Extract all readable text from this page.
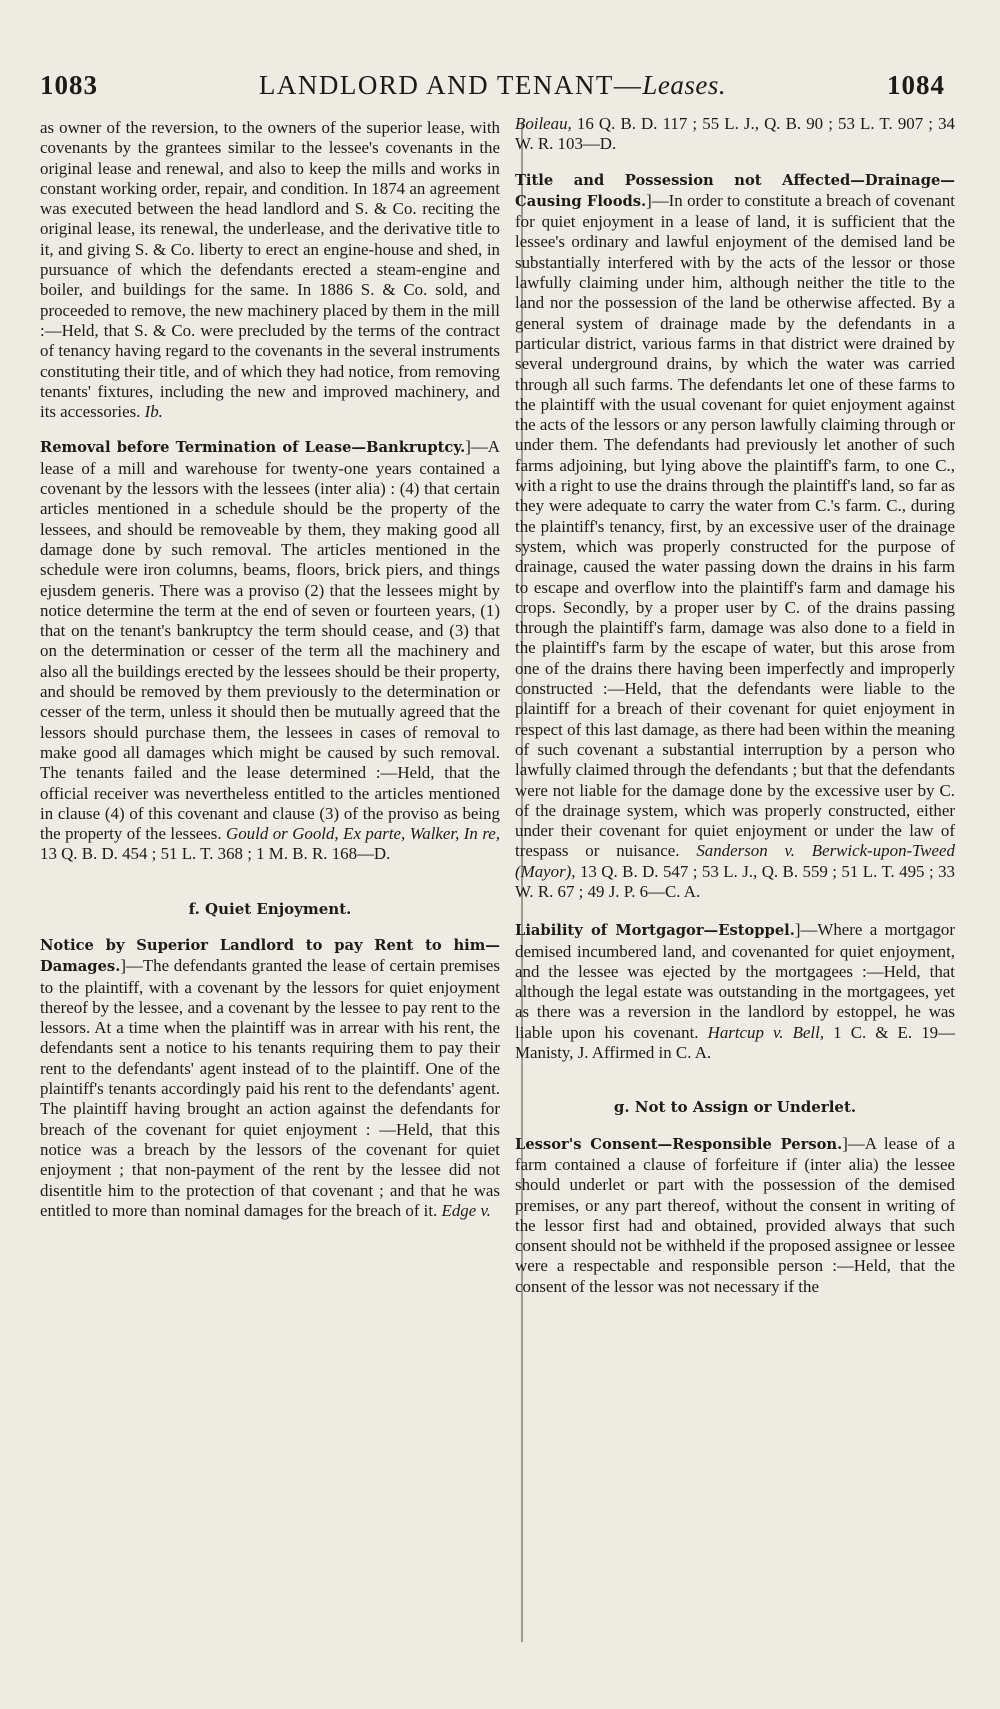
1083	LANDLORD AND TENANT—Leases.	1084

as owner of the reversion, to the owners of the superior lease, with covenants by the grantees similar to the lessee's covenants in the original lease and renewal, and also to keep the mills and works in constant working order, repair, and condition. In 1874 an agreement was executed between the head landlord and S. & Co. reciting the original lease, its renewal, the underlease, and the derivative title to it, and giving S. & Co. liberty to erect an engine-house and shed, in pursuance of which the defendants erected a steam-engine and boiler, and buildings for the same. In 1886 S. & Co. sold, and proceeded to remove, the new machinery placed by them in the mill :—Held, that S. & Co. were precluded by the terms of the contract of tenancy having regard to the covenants in the several instruments constituting their title, and of which they had notice, from removing tenants' fixtures, including the new and improved machinery, and its accessories. Ib.

Removal before Termination of Lease—Bankruptcy.]—A lease of a mill and warehouse for twenty-one years contained a covenant by the lessors with the lessees (inter alia) : (4) that certain articles mentioned in a schedule should be the property of the lessees, and should be removeable by them, they making good all damage done by such removal. The articles mentioned in the schedule were iron columns, beams, floors, brick piers, and things ejusdem generis. There was a proviso (2) that the lessees might by notice determine the term at the end of seven or fourteen years, (1) that on the tenant's bankruptcy the term should cease, and (3) that on the determination or cesser of the term all the machinery and also all the buildings erected by the lessees should be their property, and should be removed by them previously to the determination or cesser of the term, unless it should then be mutually agreed that the lessors should purchase them, the lessees in cases of removal to make good all damages which might be caused by such removal. The tenants failed and the lease determined :—Held, that the official receiver was nevertheless entitled to the articles mentioned in clause (4) of this covenant and clause (3) of the proviso as being the property of the lessees. Gould or Goold, Ex parte, Walker, In re, 13 Q. B. D. 454 ; 51 L. T. 368 ; 1 M. B. R. 168—D.

f. Quiet Enjoyment.

Notice by Superior Landlord to pay Rent to him—Damages.]—The defendants granted the lease of certain premises to the plaintiff, with a covenant by the lessors for quiet enjoyment thereof by the lessee, and a covenant by the lessee to pay rent to the lessors. At a time when the plaintiff was in arrear with his rent, the defendants sent a notice to his tenants requiring them to pay their rent to the defendants' agent instead of to the plaintiff. One of the plaintiff's tenants accordingly paid his rent to the defendants' agent. The plaintiff having brought an action against the defendants for breach of the covenant for quiet enjoyment : —Held, that this notice was a breach by the lessors of the covenant for quiet enjoyment ; that non-payment of the rent by the lessee did not disentitle him to the protection of that covenant ; and that he was entitled to more than nominal damages for the breach of it. Edge v.

Boileau, 16 Q. B. D. 117 ; 55 L. J., Q. B. 90 ; 53 L. T. 907 ; 34 W. R. 103—D.

Title and Possession not Affected—Drainage—Causing Floods.]—In order to constitute a breach of covenant for quiet enjoyment in a lease of land, it is sufficient that the lessee's ordinary and lawful enjoyment of the demised land be substantially interfered with by the acts of the lessor or those lawfully claiming under him, although neither the title to the land nor the possession of the land be otherwise affected. By a general system of drainage made by the defendants in a particular district, various farms in that district were drained by several underground drains, by which the water was carried through all such farms. The defendants let one of these farms to the plaintiff with the usual covenant for quiet enjoyment against the acts of the lessors or any person lawfully claiming through or under them. The defendants had previously let another of such farms adjoining, but lying above the plaintiff's farm, to one C., with a right to use the drains through the plaintiff's land, so far as they were adequate to carry the water from C.'s farm. C., during the plaintiff's tenancy, first, by an excessive user of the drainage system, which was properly constructed for the purpose of drainage, caused the water passing down the drains in his farm to escape and overflow into the plaintiff's farm and damage his crops. Secondly, by a proper user by C. of the drains passing through the plaintiff's farm, damage was also done to a field in the plaintiff's farm by the escape of water, but this arose from one of the drains there having been imperfectly and improperly constructed :—Held, that the defendants were liable to the plaintiff for a breach of their covenant for quiet enjoyment in respect of this last damage, as there had been within the meaning of such covenant a substantial interruption by a person who lawfully claimed through the defendants ; but that the defendants were not liable for the damage done by the excessive user by C. of the drainage system, which was properly constructed, either under their covenant for quiet enjoyment or under the law of trespass or nuisance. Sanderson v. Berwick-upon-Tweed (Mayor), 13 Q. B. D. 547 ; 53 L. J., Q. B. 559 ; 51 L. T. 495 ; 33 W. R. 67 ; 49 J. P. 6—C. A.

Liability of Mortgagor—Estoppel.]—Where a mortgagor demised incumbered land, and covenanted for quiet enjoyment, and the lessee was ejected by the mortgagees :—Held, that although the legal estate was outstanding in the mortgagees, yet as there was a reversion in the landlord by estoppel, he was liable upon his covenant. Hartcup v. Bell, 1 C. & E. 19—Manisty, J. Affirmed in C. A.

g. Not to Assign or Underlet.

Lessor's Consent—Responsible Person.]—A lease of a farm contained a clause of forfeiture if (inter alia) the lessee should underlet or part with the possession of the demised premises, or any part thereof, without the consent in writing of the lessor first had and obtained, provided always that such consent should not be withheld if the proposed assignee or lessee were a respectable and responsible person :—Held, that the consent of the lessor was not necessary if the
